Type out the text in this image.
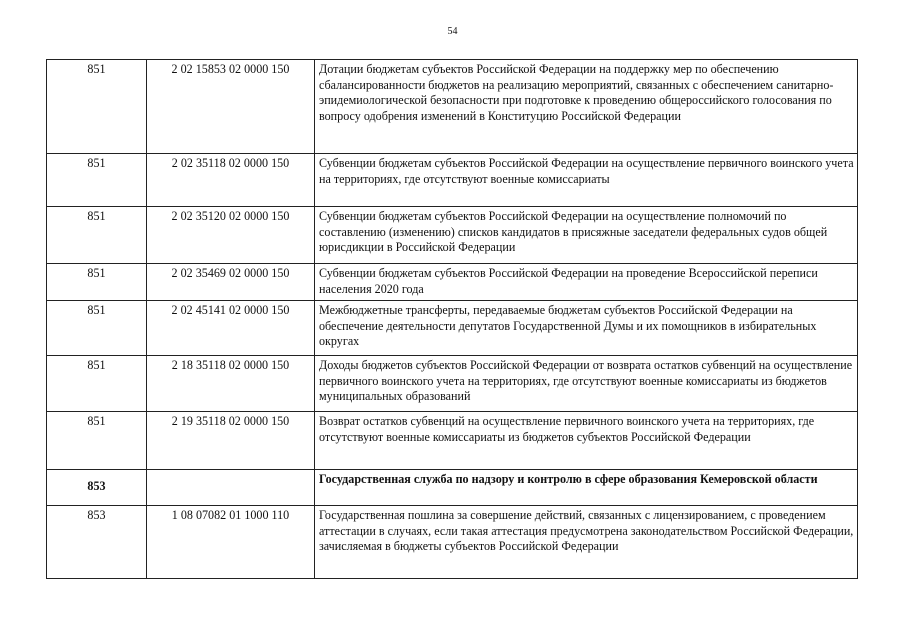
54
851	2 02 15853 02 0000 150	Дотации бюджетам субъектов Российской Федерации на поддержку мер по обеспечению сбалансированности бюджетов на реализацию мероприятий, связанных с обеспечением санитарно-эпидемиологической безопасности при подготовке к проведению общероссийского голосования по вопросу одобрения изменений в Конституцию Российской Федерации
851	2 02 35118 02 0000 150	Субвенции бюджетам субъектов Российской Федерации на осуществление первичного воинского учета на территориях, где отсутствуют военные комиссариаты
851	2 02 35120 02 0000 150	Субвенции бюджетам субъектов Российской Федерации на осуществление полномочий по составлению (изменению) списков кандидатов в присяжные заседатели федеральных судов общей юрисдикции в Российской Федерации
851	2 02 35469 02 0000 150	Субвенции бюджетам субъектов Российской Федерации на проведение Всероссийской переписи населения 2020 года
851	2 02 45141 02 0000 150	Межбюджетные трансферты, передаваемые бюджетам субъектов Российской Федерации на обеспечение деятельности депутатов Государственной Думы и их помощников в избирательных округах
851	2 18 35118 02 0000 150	Доходы бюджетов субъектов Российской Федерации от возврата остатков субвенций на осуществление первичного воинского учета на территориях, где отсутствуют военные комиссариаты из бюджетов муниципальных образований
851	2 19 35118 02 0000 150	Возврат остатков субвенций на осуществление первичного воинского учета на территориях, где отсутствуют военные комиссариаты из бюджетов субъектов Российской Федерации
853		Государственная служба по надзору и контролю в сфере образования Кемеровской области
853	1 08 07082 01 1000 110	Государственная пошлина за совершение действий, связанных с лицензированием, с проведением аттестации в случаях, если такая аттестация предусмотрена законодательством Российской Федерации, зачисляемая в бюджеты субъектов Российской Федерации
